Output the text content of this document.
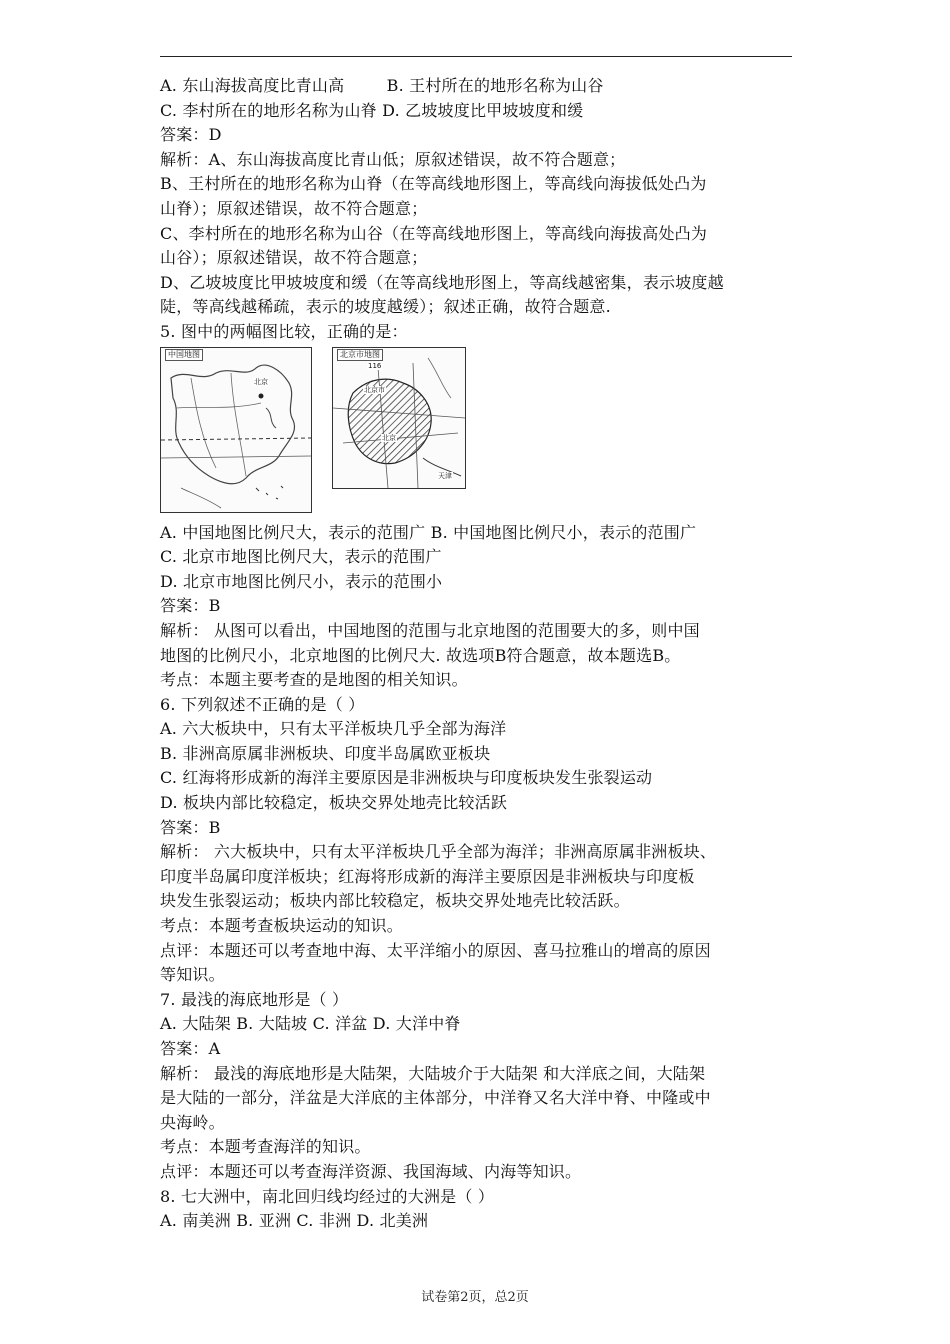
A. 东山海拔高度比青山高        B. 王村所在的地形名称为山谷
C. 李村所在的地形名称为山脊 D. 乙坡坡度比甲坡坡度和缓
答案：D
解析：A、东山海拔高度比青山低；原叙述错误，故不符合题意；
B、王村所在的地形名称为山脊（在等高线地形图上，等高线向海拔低处凸为
山脊）；原叙述错误，故不符合题意；
C、李村所在的地形名称为山谷（在等高线地形图上，等高线向海拔高处凸为
山谷）；原叙述错误，故不符合题意；
D、乙坡坡度比甲坡坡度和缓（在等高线地形图上，等高线越密集，表示坡度越
陡，等高线越稀疏，表示的坡度越缓）；叙述正确，故符合题意.
5. 图中的两幅图比较，正确的是：
中国地图
北京
北京市地图
116
北京市
北京
天津
A. 中国地图比例尺大，表示的范围广 B. 中国地图比例尺小，表示的范围广
C. 北京市地图比例尺大，表示的范围广
D. 北京市地图比例尺小，表示的范围小
答案：B
解析： 从图可以看出，中国地图的范围与北京地图的范围要大的多，则中国
地图的比例尺小，北京地图的比例尺大. 故选项B符合题意，故本题选B。
考点：本题主要考查的是地图的相关知识。
6. 下列叙述不正确的是（ ）
A. 六大板块中，只有太平洋板块几乎全部为海洋
B. 非洲高原属非洲板块、印度半岛属欧亚板块
C. 红海将形成新的海洋主要原因是非洲板块与印度板块发生张裂运动
D. 板块内部比较稳定，板块交界处地壳比较活跃
答案：B
解析： 六大板块中，只有太平洋板块几乎全部为海洋；非洲高原属非洲板块、
印度半岛属印度洋板块；红海将形成新的海洋主要原因是非洲板块与印度板
块发生张裂运动；板块内部比较稳定，板块交界处地壳比较活跃。
考点：本题考查板块运动的知识。
点评：本题还可以考查地中海、太平洋缩小的原因、喜马拉雅山的增高的原因
等知识。
7. 最浅的海底地形是（ ）
A. 大陆架 B. 大陆坡 C. 洋盆 D. 大洋中脊
答案：A
解析： 最浅的海底地形是大陆架，大陆坡介于大陆架 和大洋底之间，大陆架
是大陆的一部分，洋盆是大洋底的主体部分，中洋脊又名大洋中脊、中隆或中
央海岭。
考点：本题考查海洋的知识。
点评：本题还可以考查海洋资源、我国海域、内海等知识。
8. 七大洲中，南北回归线均经过的大洲是（ ）
A. 南美洲 B. 亚洲 C. 非洲 D. 北美洲
试卷第2页，总2页
